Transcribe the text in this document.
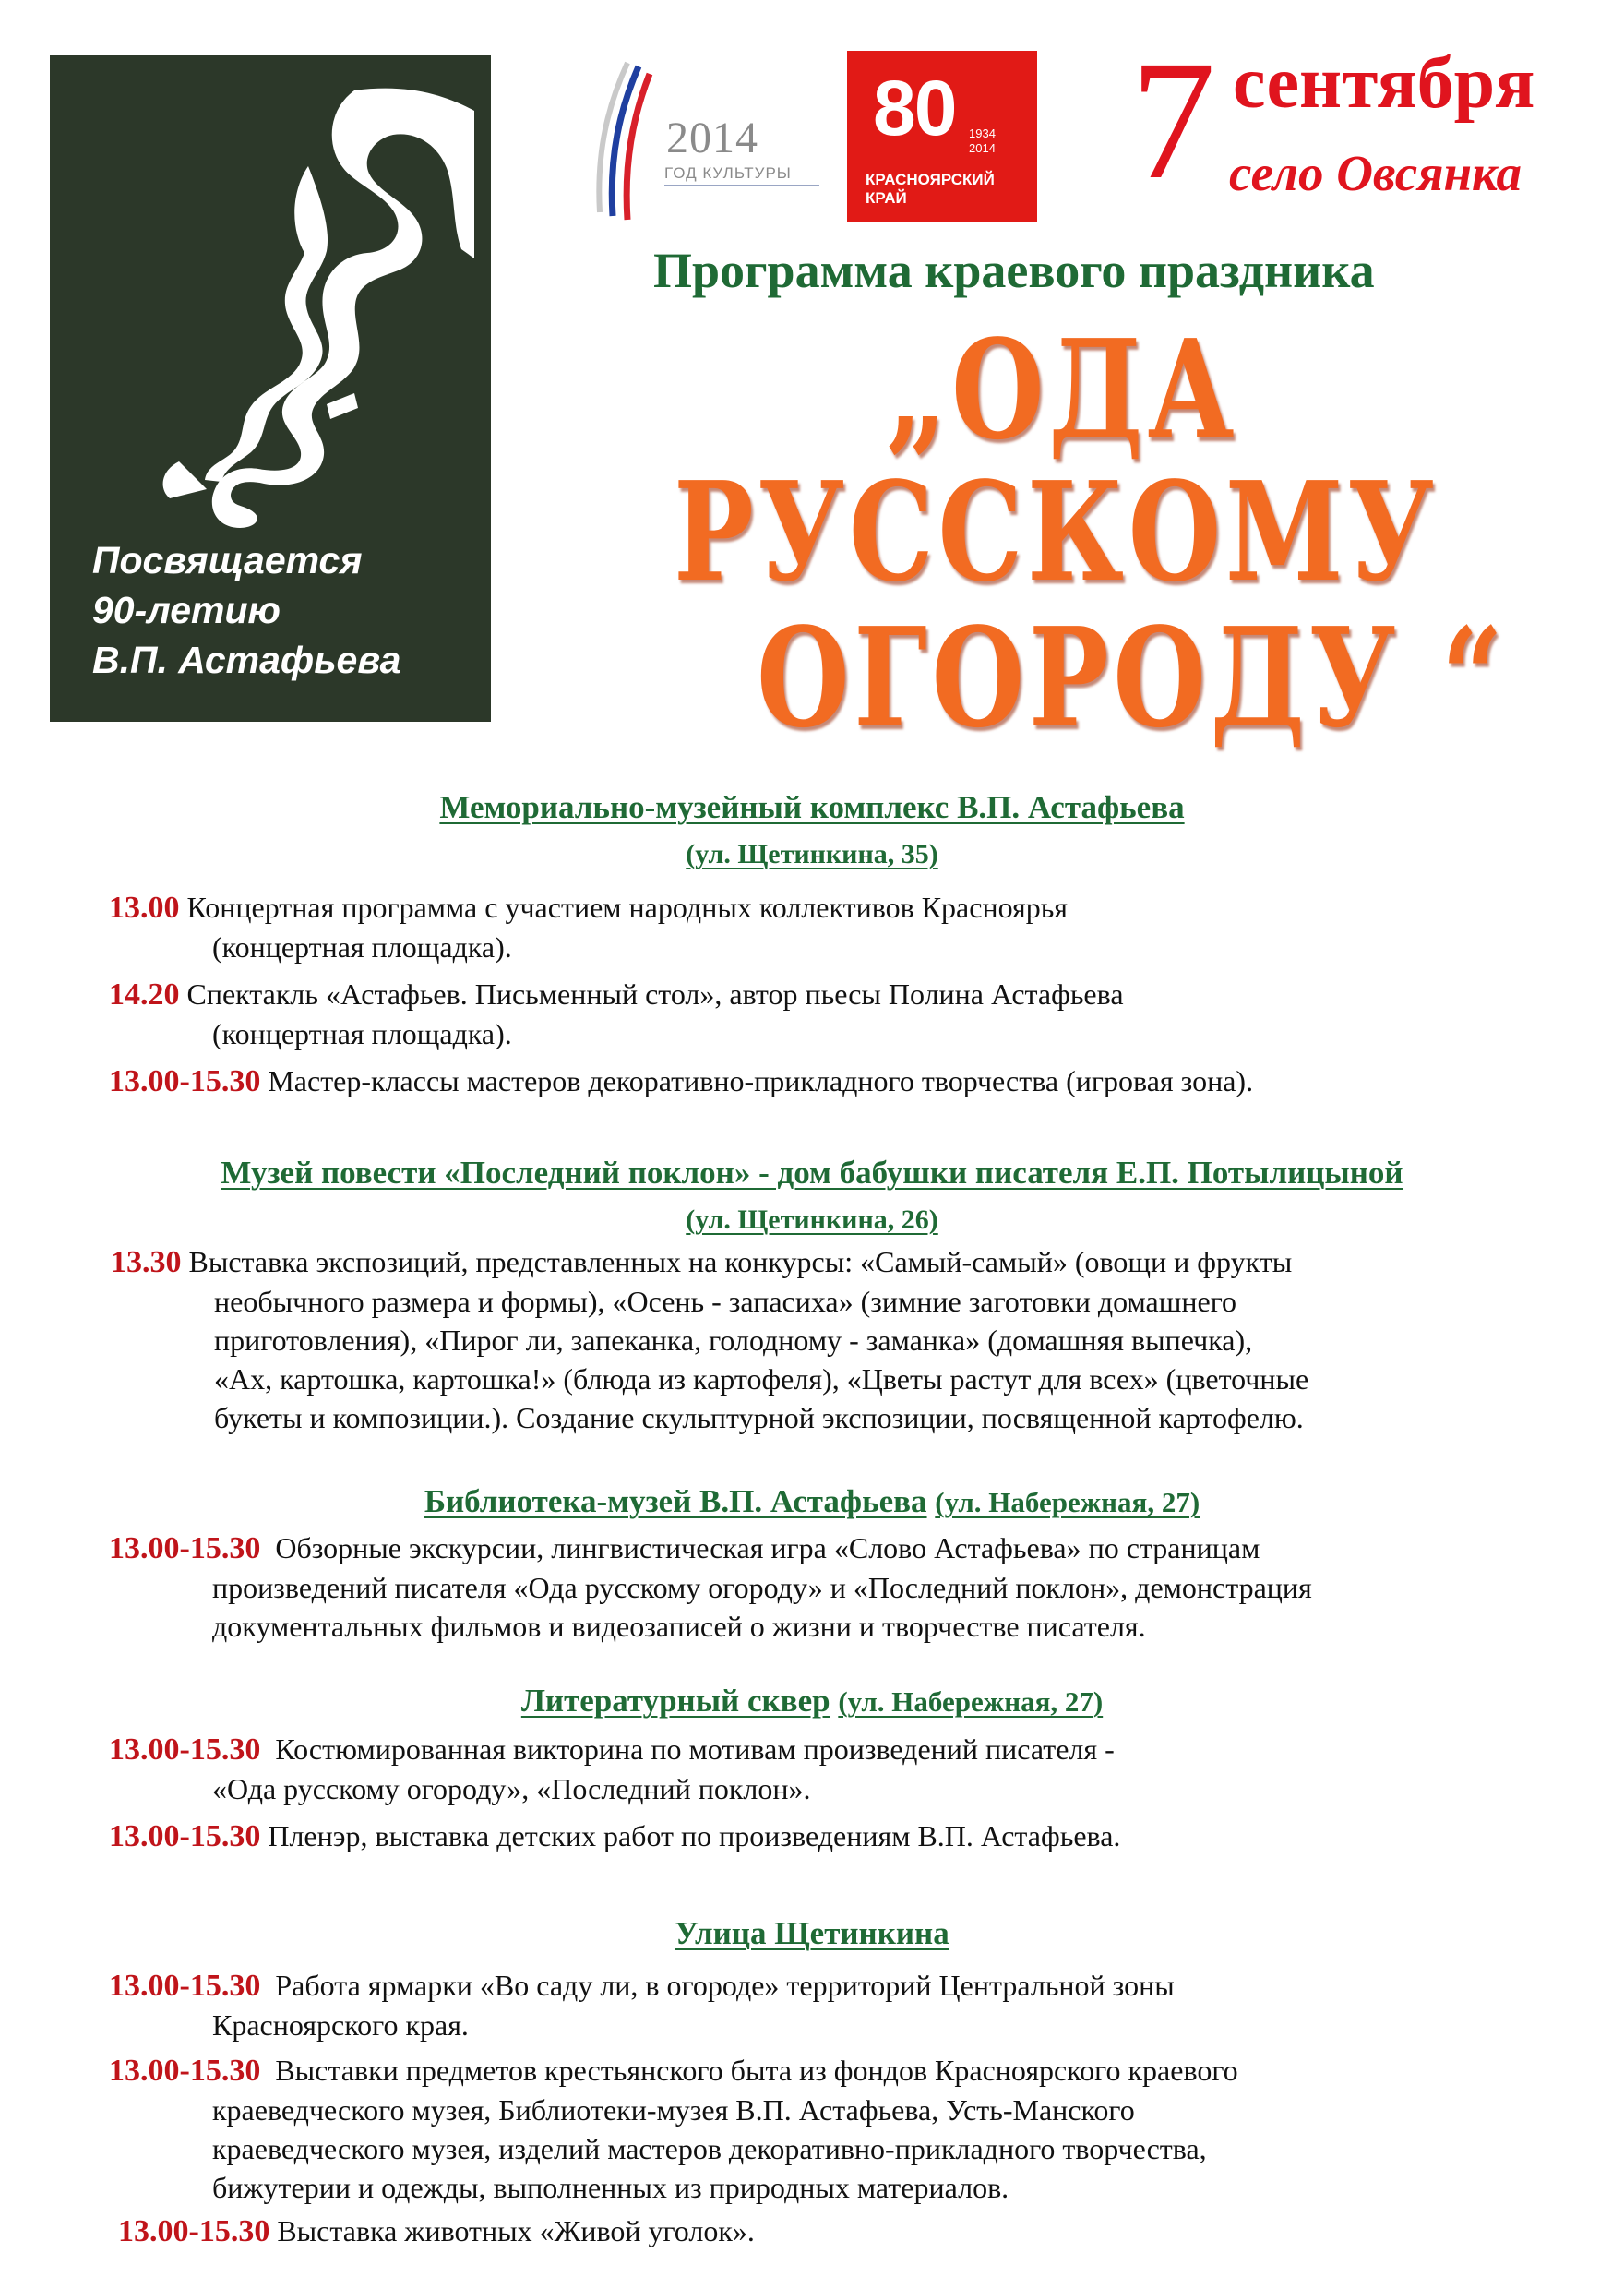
Посвящается
90-летию
В.П. Астафьева
2014
ГОД КУЛЬТУРЫ
80 1934
2014
КРАСНОЯРСКИЙ
КРАЙ	7 сентября
село Овсянка
Программа краевого праздника
„ОДА
РУССКОМУ
ОГОРОДУ “
Мемориально-музейный комплекс В.П. Астафьева
(ул. Щетинкина, 35)
13.00 Концертная программа с участием народных коллективов Красноярья
(концертная площадка).
14.20 Спектакль «Астафьев. Письменный стол», автор пьесы Полина Астафьева
(концертная площадка).
13.00-15.30 Мастер-классы мастеров декоративно-прикладного творчества (игровая зона).
Музей повести «Последний поклон» - дом бабушки писателя Е.П. Потылицыной
(ул. Щетинкина, 26)
13.30 Выставка экспозиций, представленных на конкурсы: «Самый-самый» (овощи и фрукты
необычного размера и формы), «Осень - запасиха» (зимние заготовки домашнего
приготовления), «Пирог ли, запеканка, голодному - заманка» (домашняя выпечка),
«Ах, картошка, картошка!» (блюда из картофеля), «Цветы растут для всех» (цветочные
букеты и композиции.). Создание скульптурной экспозиции, посвященной картофелю.
Библиотека-музей В.П. Астафьева (ул. Набережная, 27)
13.00-15.30 Обзорные экскурсии, лингвистическая игра «Слово Астафьева» по страницам
произведений писателя «Ода русскому огороду» и «Последний поклон», демонстрация
документальных фильмов и видеозаписей о жизни и творчестве писателя.
Литературный сквер (ул. Набережная, 27)
13.00-15.30 Костюмированная викторина по мотивам произведений писателя -
«Ода русскому огороду», «Последний поклон».
13.00-15.30 Пленэр, выставка детских работ по произведениям В.П. Астафьева.
Улица Щетинкина
13.00-15.30 Работа ярмарки «Во саду ли, в огороде» территорий Центральной зоны
Красноярского края.
13.00-15.30 Выставки предметов крестьянского быта из фондов Красноярского краевого
краеведческого музея, Библиотеки-музея В.П. Астафьева, Усть-Манского
краеведческого музея, изделий мастеров декоративно-прикладного творчества,
бижутерии и одежды, выполненных из природных материалов.
13.00-15.30 Выставка животных «Живой уголок».
